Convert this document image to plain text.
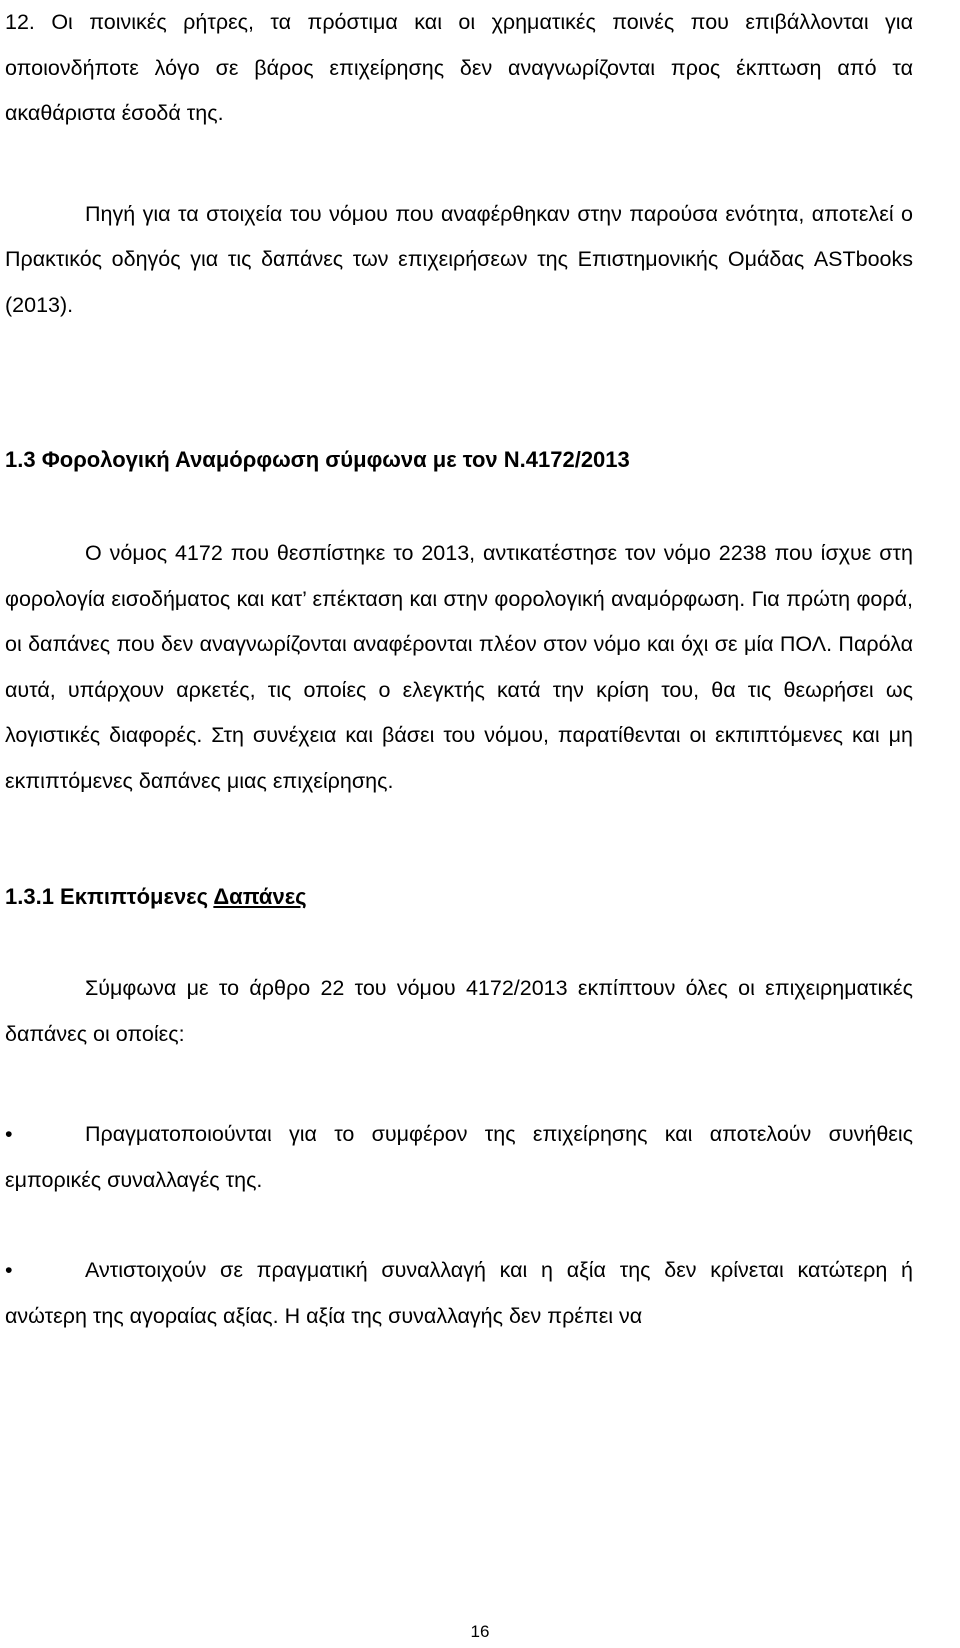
12. Οι ποινικές ρήτρες, τα πρόστιμα και οι χρηματικές ποινές που επιβάλλονται για οποιονδήποτε λόγο σε βάρος επιχείρησης δεν αναγνωρίζονται προς έκπτωση από τα ακαθάριστα έσοδά της.

Πηγή για τα στοιχεία του νόμου που αναφέρθηκαν στην παρούσα ενότητα, αποτελεί ο Πρακτικός οδηγός για τις δαπάνες των επιχειρήσεων της Επιστημονικής Ομάδας ASTbooks (2013).

1.3 Φορολογική Αναμόρφωση σύμφωνα με τον Ν.4172/2013

Ο νόμος 4172 που θεσπίστηκε το 2013, αντικατέστησε τον νόμο 2238 που ίσχυε στη φορολογία εισοδήματος και κατ’ επέκταση και στην φορολογική αναμόρφωση. Για πρώτη φορά, οι δαπάνες που δεν αναγνωρίζονται αναφέρονται πλέον στον νόμο και όχι σε μία ΠΟΛ. Παρόλα αυτά, υπάρχουν αρκετές, τις οποίες ο ελεγκτής κατά την κρίση του, θα τις θεωρήσει ως λογιστικές διαφορές. Στη συνέχεια και βάσει του νόμου, παρατίθενται οι εκπιπτόμενες και μη εκπιπτόμενες δαπάνες μιας επιχείρησης.

1.3.1 Εκπιπτόμενες Δαπάνες

Σύμφωνα με το άρθρο 22 του νόμου 4172/2013 εκπίπτουν όλες οι επιχειρηματικές δαπάνες οι οποίες:

•	Πραγματοποιούνται για το συμφέρον της επιχείρησης και αποτελούν συνήθεις εμπορικές συναλλαγές της.

•	Αντιστοιχούν σε πραγματική συναλλαγή και η αξία της δεν κρίνεται κατώτερη ή ανώτερη της αγοραίας αξίας. Η αξία της συναλλαγής δεν πρέπει να

16
